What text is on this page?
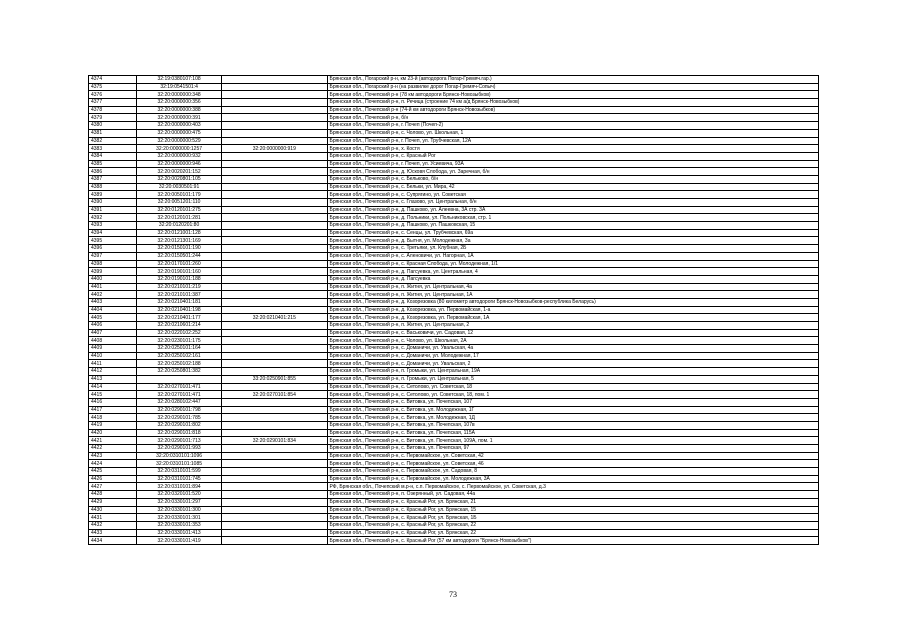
4374	32:19:0380107:108		Брянская обл., Погарский р-н, км 23-й (автодорога Погар-Гремяч.гар.)
4375	32:19:0541501:4		Брянская обл., Погарский р-н (на развилке дорог Погар-Гремяч-Сопыч)
4376	32:20:0000000:348		Брянская обл., Почепский р-н (78 км автодороги Брянск-Новозыбков)
4377	32:20:0000000:356		Брянская обл., Почепский р-н, п. Речица (строение 74 км а/д Брянск-Новозыбков)
4378	32:20:0000000:388		Брянская обл., Почепский р-н (74-й км автодороги Брянск-Новозыбков)
4379	32:20:0000000:391		Брянская обл., Почепский р-н, б/н
4380	32:20:0000000:403		Брянская обл., Почепский р-н, г. Почеп (Почеп-2)
4381	32:20:0000000:475		Брянская обл., Почепский р-н, с. Чолово, ул. Школьная, 1
4382	32:20:0000000:529		Брянская обл., Почепский р-н, г. Почеп, ул. Трубчевская, 12А
4383	32:20:0000000:1257	32:20:0000000:919	Брянская обл., Почепский р-н, х. Костя
4384	32:20:0000000:932		Брянская обл., Почепский р-н, с. Красный Рог
4385	32:20:0000000:946		Брянская обл., Почепский р-н, г. Почеп, ул. Усиевича, 93А
4386	32:20:0020201:152		Брянская обл., Почепский р-н, д. Юсковя Слобода, ул. Заречная, б/н
4387	32:20:0020801:105		Брянская обл., Почепский р-н, с. Бельково, б/н
4388	32:20:0030501:91		Брянская обл., Почепский р-н, с. Бельки, ул. Мира, 42
4389	32:20:0050101:179		Брянская обл., Почепский р-н, с. Супрягино, ул. Советская
4390	32:20:0051201:110		Брянская обл., Почепский р-н, с. Глазово, ул. Центральная, б/н
4391	32:20:0120101:275		Брянская обл., Почепский р-н, д. Пашково, ул. Алеевна, 3А стр. 3А
4392	32:20:0120101:281		Брянская обл., Почепский р-н, д. Польники, ул. Польниковская, стр. 1
4393	32:20:0120201:80		Брянская обл., Почепский р-н, д. Пашково, ул. Пашковская, 15
4394	32:20:0121001:128		Брянская обл., Почепский р-н, с. Сенцы, ул. Трубчевская, 69а
4395	32:20:0121301:169		Брянская обл., Почепский р-н, д. Бытня, ул. Молодежная, 3а
4396	32:20:0150101:190		Брянская обл., Почепский р-н, с. Третьяки, ул. Клубная, 2Б
4397	32:20:0150501:244		Брянская обл., Почепский р-н, с. Аленовичи, ул. Нагорная, 1А
4398	32:20:0170101:260		Брянская обл., Почепский р-н, с. Красная Слобода, ул. Молодежная, 1/1
4399	32:20:0190101:160		Брянская обл., Почепский р-н, д. Пагсуевка, ул. Центральная, 4
4400	32:20:0190101:188		Брянская обл., Почепский р-н, д. Пагсуевка
4401	32:20:0210101:219		Брянская обл., Почепский р-н, п. Житня, ул. Центральная, 4а
4402	32:20:0210101:387		Брянская обл., Почепский р-н, п. Житня, ул. Центральная, 1А
4403	32:20:0210401:181		Брянская обл., Почепский р-н, д. Козорезовка (80 километр автодороги Брянск-Новозыбков-республика Беларусь)
4404	32:20:0210401:198		Брянская обл., Почепский р-н, д. Козорезовка, ул. Первомайская, 1-а
4405	32:20:0210401:177	32:20:0210401:215	Брянская обл., Почепский р-н, д. Козорезовка, ул. Первомайская, 1А
4406	32:20:0210601:214		Брянская обл., Почепский р-н, п. Житня, ул. Центральная, 2
4407	32:20:0220102:252		Брянская обл., Почепский р-н, с. Васьковичи, ул. Садовая, 12
4408	32:20:0230101:175		Брянская обл., Почепский р-н, с. Чолово, ул. Школьная, 2А
4409	32:20:0250101:164		Брянская обл., Почепский р-н, с. Доманичи, ул. Увальская, 4а
4410	32:20:0250102:161		Брянская обл., Почепский р-н, с. Доманичи, ул. Молодежная, 17
4411	32:20:0250102:188		Брянская обл., Почепский р-н, с. Доманичи, ул. Увальская, 2
4412	32:20:0250801:382		Брянская обл., Почепский р-н, п. Громыки, ул. Центральная, 19А
4413		33:20:0250901:855	Брянская обл., Почепский р-н, п. Громыки, ул. Центральная, 5
4414	32:20:0270101:471		Брянская обл., Почепский р-н, с. Сетолово, ул. Советская, 18
4415	32:20:0270101:471	32:20:0270101:854	Брянская обл., Почепский р-н, с. Сетолово, ул. Советская, 18, пом. 1
4416	32:20:0280102:447		Брянская обл., Почепский р-н, с. Витовка, ул. Почепская, 107
4417	32:20:0290101:798		Брянская обл., Почепский р-н, с. Витовка, ул. Молодежная, 1Г
4418	32:20:0290101:785		Брянская обл., Почепский р-н, с. Витовка, ул. Молодежная, 1Д
4419	32:20:0290101:802		Брянская обл., Почепский р-н, с. Витовка, ул. Почепская, 107в
4420	32:20:0290101:818		Брянская обл., Почепский р-н, с. Витовка, ул. Почепская, 115А
4421	32:20:0290101:713	32:20:0290101:834	Брянская обл., Почепский р-н, с. Витовка, ул. Почепская, 109А, пом. 1
4422	32:20:0290101:993		Брянская обл., Почепский р-н, с. Витовка, ул. Почепская, 97
4423	32:20:0310101:1096		Брянская обл., Почепский р-н, с. Первомайское, ул. Советская, 42
4424	32:20:0310101:1085		Брянская обл., Почепский р-н, с. Первомайское, ул. Советская, 46
4425	32:20:0310101:599		Брянская обл., Почепский р-н, с. Первомайское, ул. Садовая, 8
4426	32:20:0310101:745		Брянская обл., Почепский р-н, с. Первомайское, ул. Молодежная, 3А
4427	32:20:0310101:894		РФ, Брянская обл., Почепский м.р-н, с.п. Первомайское, с. Первомайское, ул. Советская, д.3
4428	32:20:0320101:520		Брянская обл., Почепский р-н, п. Озерянный, ул. Садовая, 44а
4429	32:20:0330101:297		Брянская обл., Почепский р-н, с. Красный Рог, ул. Брянская, 21
4430	32:20:0330101:300		Брянская обл., Почепский р-н, с. Красный Рог, ул. Брянская, 15
4431	32:20:0330101:301		Брянская обл., Почепский р-н, с. Красный Рог, ул. Брянская, 1Б
4432	32:20:0330101:353		Брянская обл., Почепский р-н, с. Красный Рог, ул. Брянская, 22
4433	32:20:0330101:413		Брянская обл., Почепский р-н, с. Красный Рог, ул. Брянская, 22
4434	32:20:0330101:419		Брянская обл., Почепский р-н, с. Красный Рог (57 км автодороги "Брянск-Новозыбков")
73
